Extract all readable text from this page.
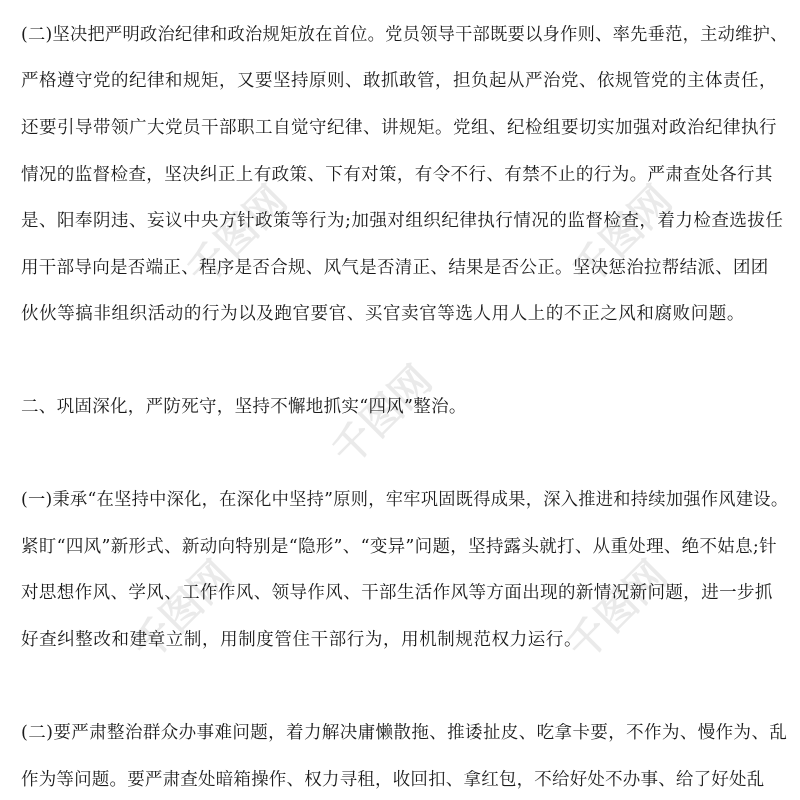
千图网	千图网
千图网
千图网	千图网
(二)坚决把严明政治纪律和政治规矩放在首位。党员领导干部既要以身作则、率先垂范，主动维护、
严格遵守党的纪律和规矩，又要坚持原则、敢抓敢管，担负起从严治党、依规管党的主体责任，
还要引导带领广大党员干部职工自觉守纪律、讲规矩。党组、纪检组要切实加强对政治纪律执行
情况的监督检查，坚决纠正上有政策、下有对策，有令不行、有禁不止的行为。严肃查处各行其
是、阳奉阴违、妄议中央方针政策等行为;加强对组织纪律执行情况的监督检查，着力检查选拔任
用干部导向是否端正、程序是否合规、风气是否清正、结果是否公正。坚决惩治拉帮结派、团团
伙伙等搞非组织活动的行为以及跑官要官、买官卖官等选人用人上的不正之风和腐败问题。
二、巩固深化，严防死守，坚持不懈地抓实“四风”整治。
(一)秉承“在坚持中深化，在深化中坚持”原则，牢牢巩固既得成果，深入推进和持续加强作风建设。
紧盯“四风”新形式、新动向特别是“隐形”、“变异”问题，坚持露头就打、从重处理、绝不姑息;针
对思想作风、学风、工作作风、领导作风、干部生活作风等方面出现的新情况新问题，进一步抓
好查纠整改和建章立制，用制度管住干部行为，用机制规范权力运行。
(二)要严肃整治群众办事难问题，着力解决庸懒散拖、推诿扯皮、吃拿卡要，不作为、慢作为、乱
作为等问题。要严肃查处暗箱操作、权力寻租，收回扣、拿红包，不给好处不办事、给了好处乱
